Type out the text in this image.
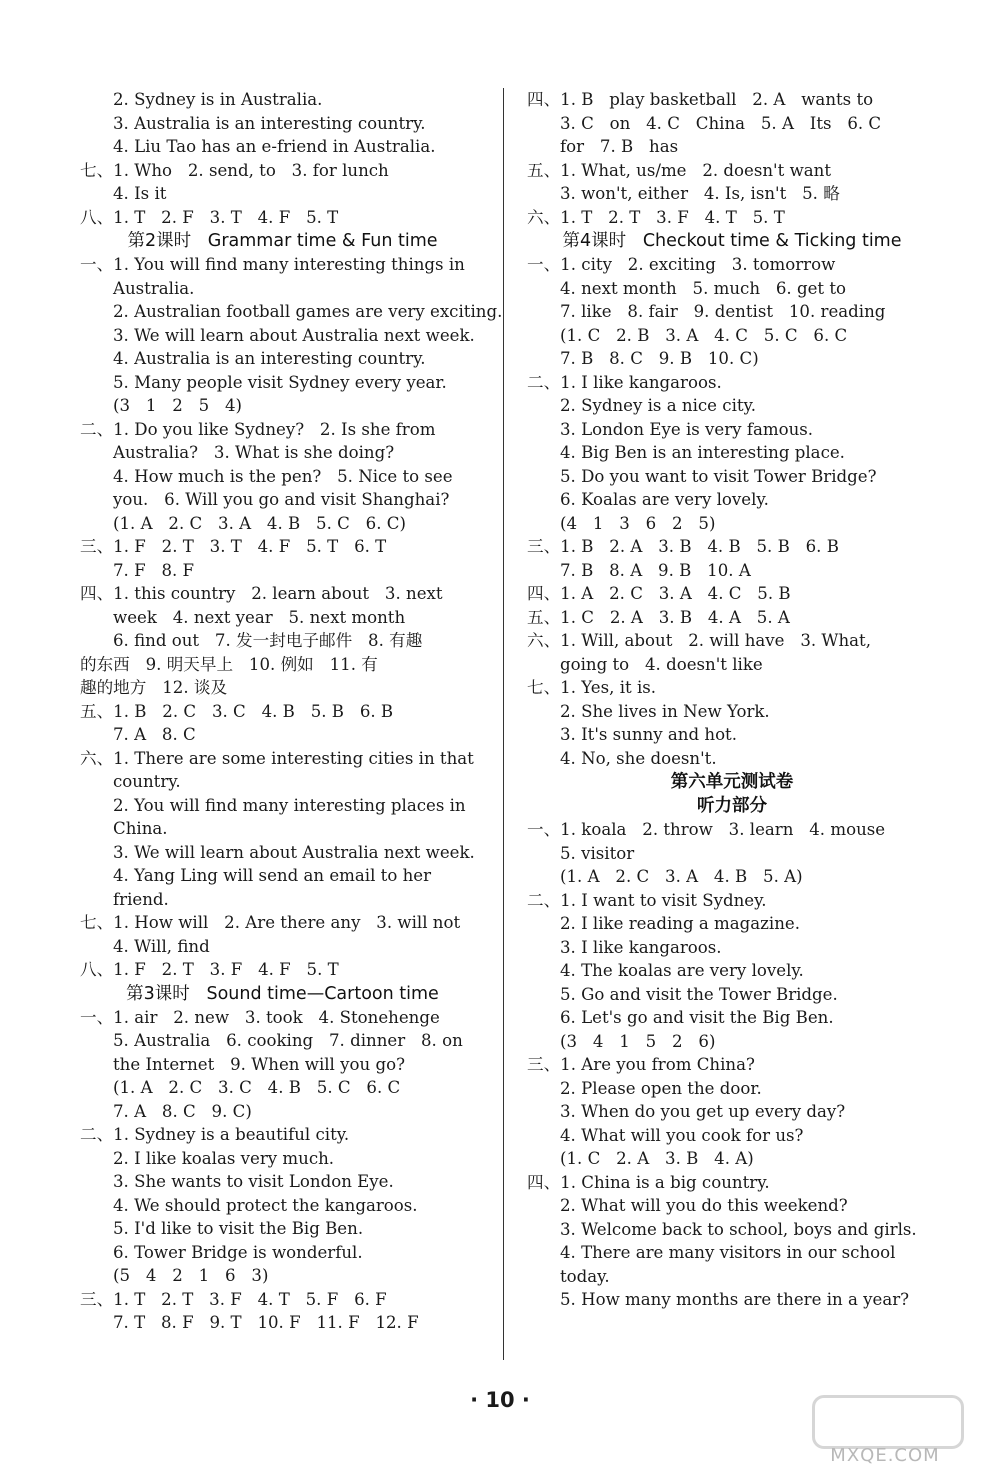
2. Sydney is in Australia.
3. Australia is an interesting country.
4. Liu Tao has an e-friend in Australia.
七、1. Who   2. send, to   3. for lunch
4. Is it
八、1. T   2. F   3. T   4. F   5. T
第2课时   Grammar time & Fun time
一、1. You will find many interesting things in
Australia.
2. Australian football games are very exciting.
3. We will learn about Australia next week.
4. Australia is an interesting country.
5. Many people visit Sydney every year.
(3   1   2   5   4)
二、1. Do you like Sydney?   2. Is she from
Australia?   3. What is she doing?
4. How much is the pen?   5. Nice to see
you.   6. Will you go and visit Shanghai?
(1. A   2. C   3. A   4. B   5. C   6. C)
三、1. F   2. T   3. T   4. F   5. T   6. T
7. F   8. F
四、1. this country   2. learn about   3. next
week   4. next year   5. next month
6. find out   7. 发一封电子邮件   8. 有趣
的东西   9. 明天早上   10. 例如   11. 有
趣的地方   12. 谈及
五、1. B   2. C   3. C   4. B   5. B   6. B
7. A   8. C
六、1. There are some interesting cities in that
country.
2. You will find many interesting places in
China.
3. We will learn about Australia next week.
4. Yang Ling will send an email to her
friend.
七、1. How will   2. Are there any   3. will not
4. Will, find
八、1. F   2. T   3. F   4. F   5. T
第3课时   Sound time—Cartoon time
一、1. air   2. new   3. took   4. Stonehenge
5. Australia   6. cooking   7. dinner   8. on
the Internet   9. When will you go?
(1. A   2. C   3. C   4. B   5. C   6. C
7. A   8. C   9. C)
二、1. Sydney is a beautiful city.
2. I like koalas very much.
3. She wants to visit London Eye.
4. We should protect the kangaroos.
5. I'd like to visit the Big Ben.
6. Tower Bridge is wonderful.
(5   4   2   1   6   3)
三、1. T   2. T   3. F   4. T   5. F   6. F
7. T   8. F   9. T   10. F   11. F   12. F
四、1. B   play basketball   2. A   wants to
3. C   on   4. C   China   5. A   Its   6. C
for   7. B   has
五、1. What, us/me   2. doesn't want
3. won't, either   4. Is, isn't   5. 略
六、1. T   2. T   3. F   4. T   5. T
第4课时   Checkout time & Ticking time
一、1. city   2. exciting   3. tomorrow
4. next month   5. much   6. get to
7. like   8. fair   9. dentist   10. reading
(1. C   2. B   3. A   4. C   5. C   6. C
7. B   8. C   9. B   10. C)
二、1. I like kangaroos.
2. Sydney is a nice city.
3. London Eye is very famous.
4. Big Ben is an interesting place.
5. Do you want to visit Tower Bridge?
6. Koalas are very lovely.
(4   1   3   6   2   5)
三、1. B   2. A   3. B   4. B   5. B   6. B
7. B   8. A   9. B   10. A
四、1. A   2. C   3. A   4. C   5. B
五、1. C   2. A   3. B   4. A   5. A
六、1. Will, about   2. will have   3. What,
going to   4. doesn't like
七、1. Yes, it is.
2. She lives in New York.
3. It's sunny and hot.
4. No, she doesn't.
第六单元测试卷
听力部分
一、1. koala   2. throw   3. learn   4. mouse
5. visitor
(1. A   2. C   3. A   4. B   5. A)
二、1. I want to visit Sydney.
2. I like reading a magazine.
3. I like kangaroos.
4. The koalas are very lovely.
5. Go and visit the Tower Bridge.
6. Let's go and visit the Big Ben.
(3   4   1   5   2   6)
三、1. Are you from China?
2. Please open the door.
3. When do you get up every day?
4. What will you cook for us?
(1. C   2. A   3. B   4. A)
四、1. China is a big country.
2. What will you do this weekend?
3. Welcome back to school, boys and girls.
4. There are many visitors in our school
today.
5. How many months are there in a year?
· 10 ·
MXQE.COM
